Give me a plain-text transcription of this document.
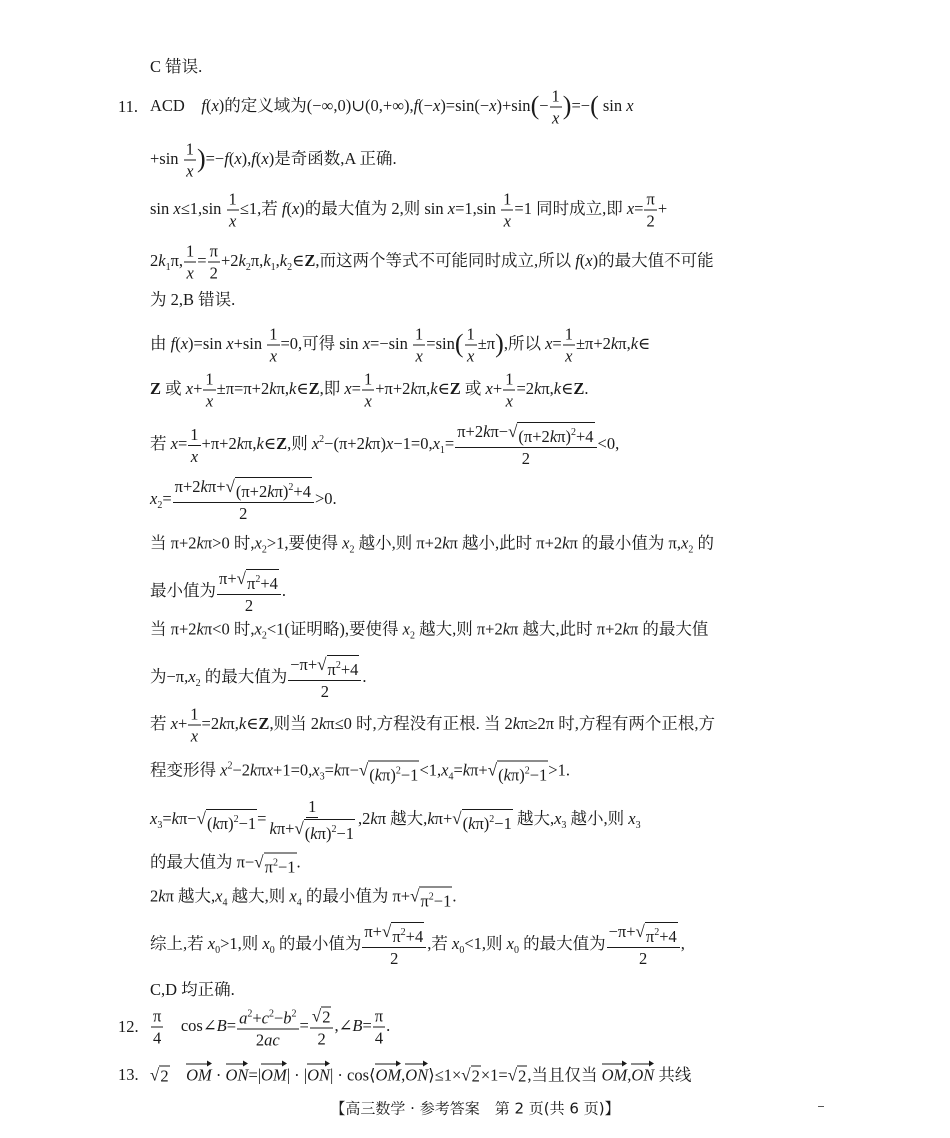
C 错误.
11. ACD　f(x)的定义域为(−∞,0)∪(0,+∞),f(−x)=sin(−x)+sin(− $\frac{1}{x}$ )=−( sin x
$+\sin \frac{1}{x} )=-f(x),f(x)$是奇函数,A 正确.
$\sin x\le 1,\sin \frac{1}{x} \le 1$,若 f(x)的最大值为 2,则 $\sin x=1,\sin \frac{1}{x} =1$ 同时成立,即 $x= \frac{\pi}{2}$ +
$2k_1\pi$, $\frac{1}{x} = \frac{\pi}{2}$ $+2k_2\pi,k_1,k_2\in Z$,而这两个等式不可能同时成立,所以 f(x)的最大值不可能
为 2,B 错误.
由 f(x)=sin $x+\sin \frac{1}{x} =0$,可得 $\sin x=-\sin \frac{1}{x} =\sin( \frac{1}{x} \pm\pi)$,所以 $x= \frac{1}{x}$ ±π+2kπ,k∈
Z 或 $x+ \frac{1}{x}$ ±π=π+2kπ,k∈Z,即 $x= \frac{1}{x}$ +π+2kπ,k∈Z 或 $x+ \frac{1}{x}$ =2kπ,k∈Z.
若 $x= \frac{1}{x}$ +π+2kπ,k∈Z,则 $x^2-(\pi+2k\pi)x-1=0,x_1= \frac{\pi+2k\pi- √ (\pi+2k\pi)^2+4}{2} <0$,
$x_2= \frac{\pi+2k\pi+ √ (\pi+2k\pi)^2+4}{2} >0$.
当 π+2kπ>0 时$,x_2>1$,要使得 $x_2$ 越小,则 π+2kπ 越小,此时 π+2kπ 的最小值为 $\pi,x_2$ 的
最小值为 $\frac{\pi+ √ \pi^2+4}{2}$ .
当 π+2kπ<0 时$,x_2<1$(证明略),要使得 $x_2$ 越大,则 π+2kπ 越大,此时 π+2kπ 的最大值
为$-\pi,x_2$ 的最大值为 $\frac{-\pi+ √ \pi^2+4}{2}$ .
若 $x+ \frac{1}{x}$ =2kπ,k∈Z,则当 2kπ≤0 时,方程没有正根. 当 2kπ≥2π 时,方程有两个正根,方
程变形得 $x^2-2k\pi x+1=0,x_3=k\pi-$ √ $(k\pi)^2-1 <1,x_4=k\pi+$ √ $(k\pi)^2-1 >1$.
$x_3=k\pi-$ √ $(k\pi)^2-1 = \frac{1}{k\pi+ √ (k\pi)^2-1} ,2k\pi$ 越大,kπ+ √ $(k\pi)^2-1$ 越大$,x_3$ 越小,则 $x_3$
的最大值为 π− √ $\pi^2-1$ .
2kπ 越大$,x_4$ 越大,则 $x_4$ 的最小值为 π+ √ $\pi^2-1$ .
综上,若 $x_0>1$,则 $x_0$ 的最小值为 $\frac{\pi+ √ \pi^2+4}{2}$ ,若 $x_0<1$,则 $x_0$ 的最大值为 $\frac{-\pi+ √ \pi^2+4}{2}$ ,
C,D 均正确.
12. $\frac{\pi}{4}$ 　cos∠B= $\frac{a^2+c^2-b^2}{2ac} = \frac{√ 2}{2}$ ,∠B= $\frac{\pi}{4}$ .
13. √ 2
　 OM · ON=|OM| · |ON| · cos⟨OM,ON⟩≤1× √ 2 ×1= √ 2 ,当且仅当 OM,ON 共线
【高三数学 · 参考答案　第 2 页(共 6 页)】
